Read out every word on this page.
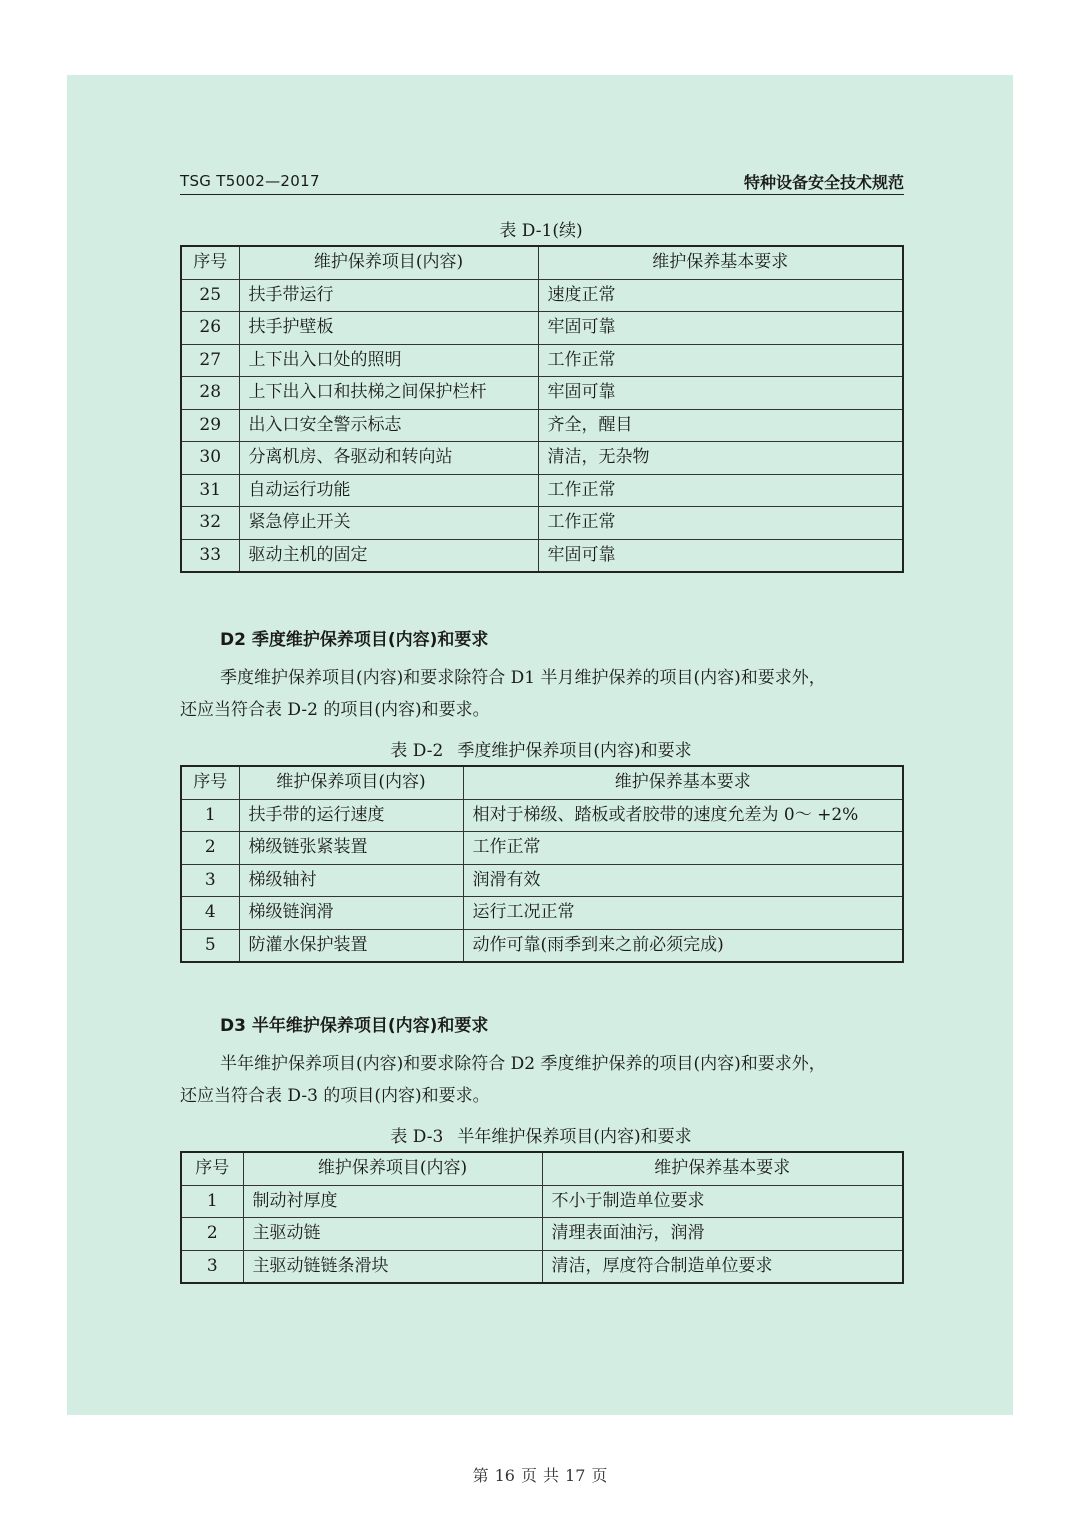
TSG T5002—2017	特种设备安全技术规范
表 D-1(续)
序号	维护保养项目(内容)	维护保养基本要求
25	扶手带运行	速度正常
26	扶手护壁板	牢固可靠
27	上下出入口处的照明	工作正常
28	上下出入口和扶梯之间保护栏杆	牢固可靠
29	出入口安全警示标志	齐全，醒目
30	分离机房、各驱动和转向站	清洁，无杂物
31	自动运行功能	工作正常
32	紧急停止开关	工作正常
33	驱动主机的固定	牢固可靠
D2 季度维护保养项目(内容)和要求
季度维护保养项目(内容)和要求除符合 D1 半月维护保养的项目(内容)和要求外，
还应当符合表 D-2 的项目(内容)和要求。
表 D-2 季度维护保养项目(内容)和要求
序号	维护保养项目(内容)	维护保养基本要求
1	扶手带的运行速度	相对于梯级、踏板或者胶带的速度允差为 0～ +2%
2	梯级链张紧装置	工作正常
3	梯级轴衬	润滑有效
4	梯级链润滑	运行工况正常
5	防灌水保护装置	动作可靠(雨季到来之前必须完成)
D3 半年维护保养项目(内容)和要求
半年维护保养项目(内容)和要求除符合 D2 季度维护保养的项目(内容)和要求外，
还应当符合表 D-3 的项目(内容)和要求。
表 D-3 半年维护保养项目(内容)和要求
序号	维护保养项目(内容)	维护保养基本要求
1	制动衬厚度	不小于制造单位要求
2	主驱动链	清理表面油污，润滑
3	主驱动链链条滑块	清洁，厚度符合制造单位要求
第 16 页 共 17 页
